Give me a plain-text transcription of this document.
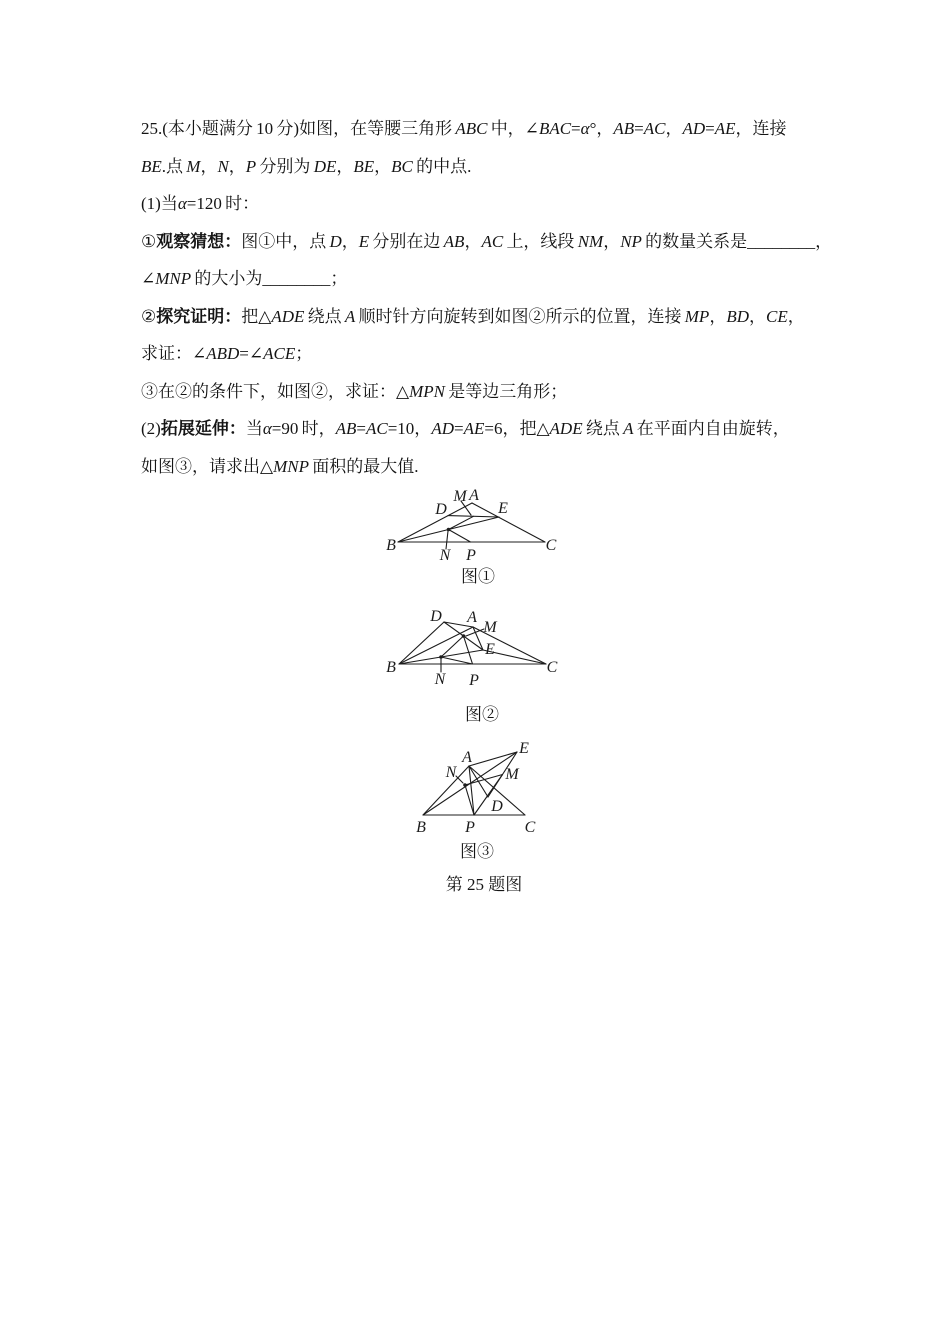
25.(本小题满分 10 分)如图，在等腰三角形 ABC 中，∠BAC=α°，AB=AC，AD=AE，连接
BE.点 M，N，P 分别为 DE，BE，BC 的中点.
(1)当α=120 时：
①观察猜想：图①中，点 D，E 分别在边 AB，AC 上，线段 NM，NP 的数量关系是________，
∠MNP 的大小为________；
②探究证明：把△ADE 绕点 A 顺时针方向旋转到如图②所示的位置，连接 MP，BD，CE，
求证：∠ABD=∠ACE；
③在②的条件下，如图②，求证：△MPN 是等边三角形；
(2)拓展延伸：当α=90 时，AB=AC=10，AD=AE=6，把△ADE 绕点 A 在平面内自由旋转，
如图③，请求出△MNP 面积的最大值.
M A
D	E
B	C
N P
图①
D A
M
E
B	C
N P
图②
E
A
N	M
D
B P	C
图③
第 25 题图
